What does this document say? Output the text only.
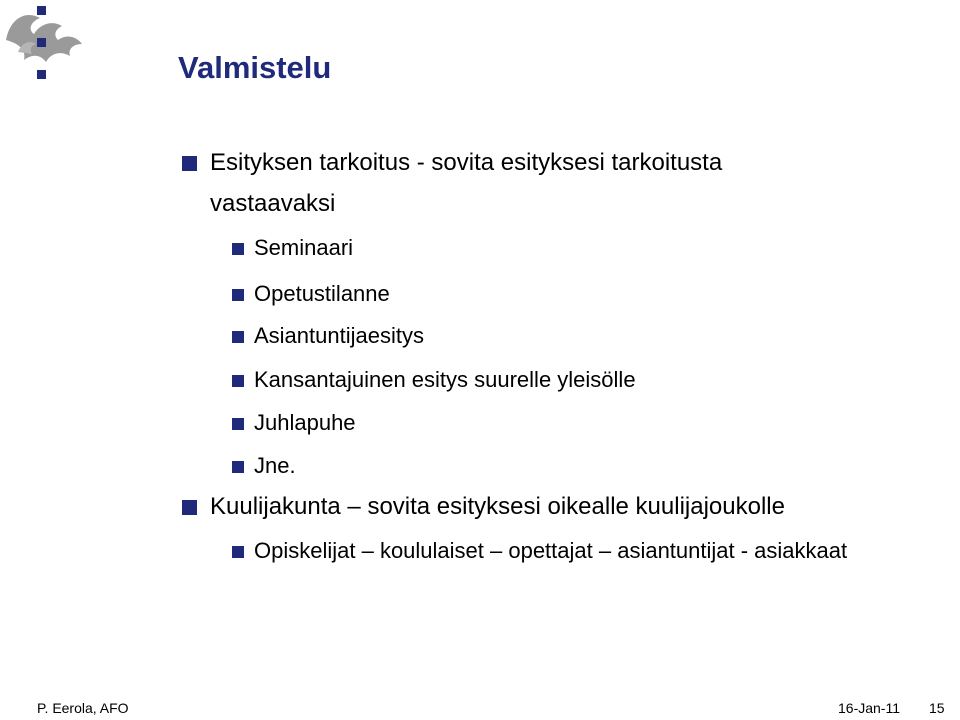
Valmistelu
Esityksen tarkoitus - sovita esityksesi tarkoitusta
vastaavaksi
Seminaari
Opetustilanne
Asiantuntijaesitys
Kansantajuinen esitys suurelle yleisölle
Juhlapuhe
Jne.
Kuulijakunta – sovita esityksesi oikealle kuulijajoukolle
Opiskelijat – koululaiset – opettajat – asiantuntijat - asiakkaat
P. Eerola, AFO	16-Jan-11 15
